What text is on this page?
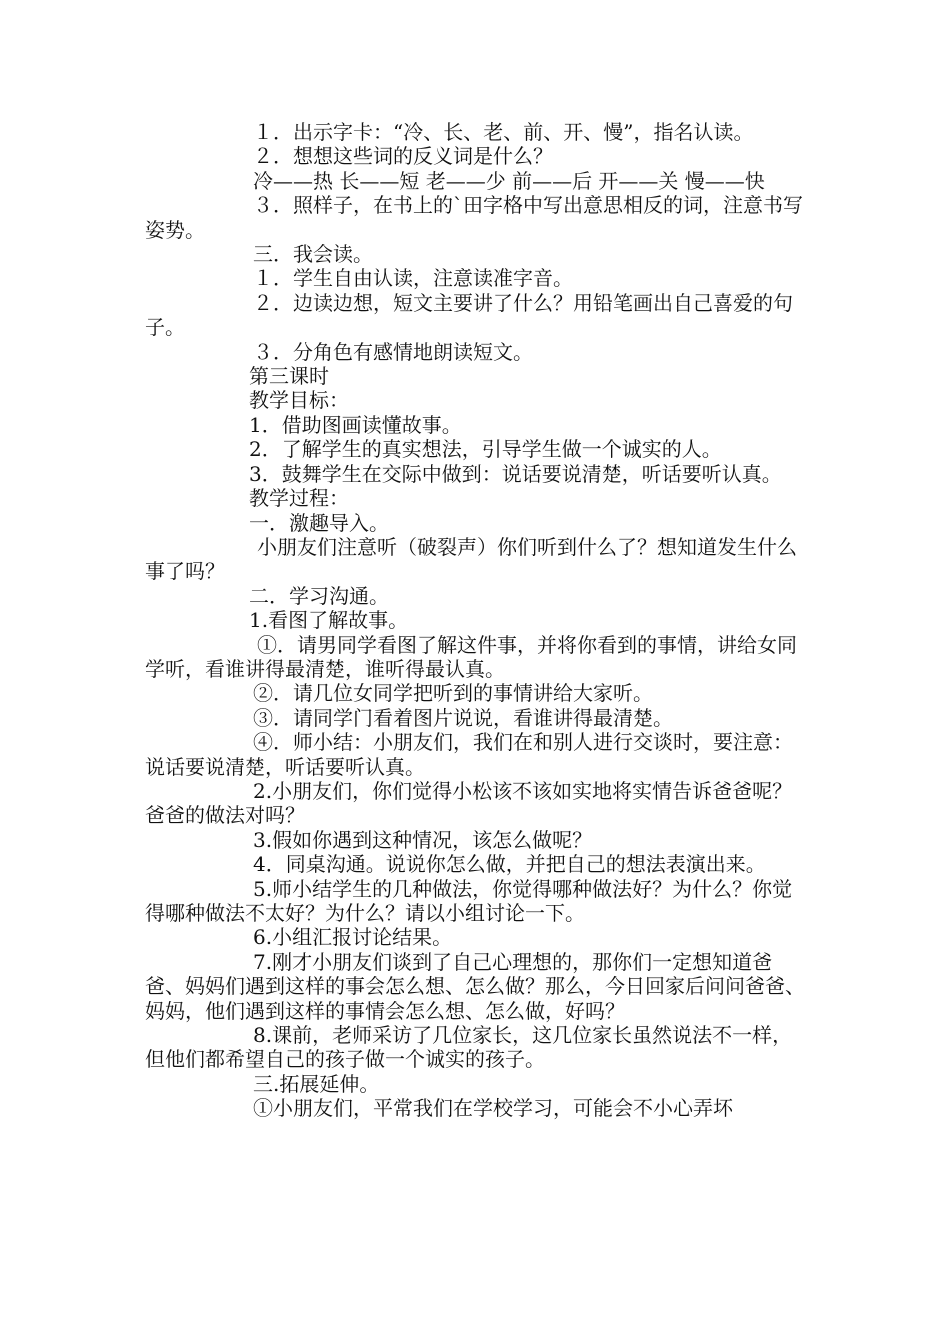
１．出示字卡：“冷、长、老、前、开、慢”，指名认读。

２．想想这些词的反义词是什么？

冷——热 长——短 老——少 前——后 开——关 慢——快

３．照样子，在书上的`田字格中写出意思相反的词，注意书写姿势。

三．我会读。

１．学生自由认读，注意读准字音。

２．边读边想，短文主要讲了什么？用铅笔画出自己喜爱的句子。

３．分角色有感情地朗读短文。

第三课时

教学目标：

1．借助图画读懂故事。

2．了解学生的真实想法，引导学生做一个诚实的人。

3．鼓舞学生在交际中做到：说话要说清楚，听话要听认真。

教学过程：

一．激趣导入。

小朋友们注意听（破裂声）你们听到什么了？想知道发生什么事了吗？

二．学习沟通。

1.看图了解故事。

①．请男同学看图了解这件事，并将你看到的事情，讲给女同学听，看谁讲得最清楚，谁听得最认真。

②．请几位女同学把听到的事情讲给大家听。

③．请同学门看着图片说说，看谁讲得最清楚。

④．师小结：小朋友们，我们在和别人进行交谈时，要注意：说话要说清楚，听话要听认真。

2.小朋友们，你们觉得小松该不该如实地将实情告诉爸爸呢？爸爸的做法对吗？

3.假如你遇到这种情况，该怎么做呢？

4．同桌沟通。说说你怎么做，并把自己的想法表演出来。

5.师小结学生的几种做法，你觉得哪种做法好？为什么？你觉得哪种做法不太好？为什么？请以小组讨论一下。

6.小组汇报讨论结果。

7.刚才小朋友们谈到了自己心理想的，那你们一定想知道爸爸、妈妈们遇到这样的事会怎么想、怎么做？那么，今日回家后问问爸爸、妈妈，他们遇到这样的事情会怎么想、怎么做，好吗？

8.课前，老师采访了几位家长，这几位家长虽然说法不一样，但他们都希望自己的孩子做一个诚实的孩子。

三.拓展延伸。

①小朋友们，平常我们在学校学习，可能会不小心弄坏
